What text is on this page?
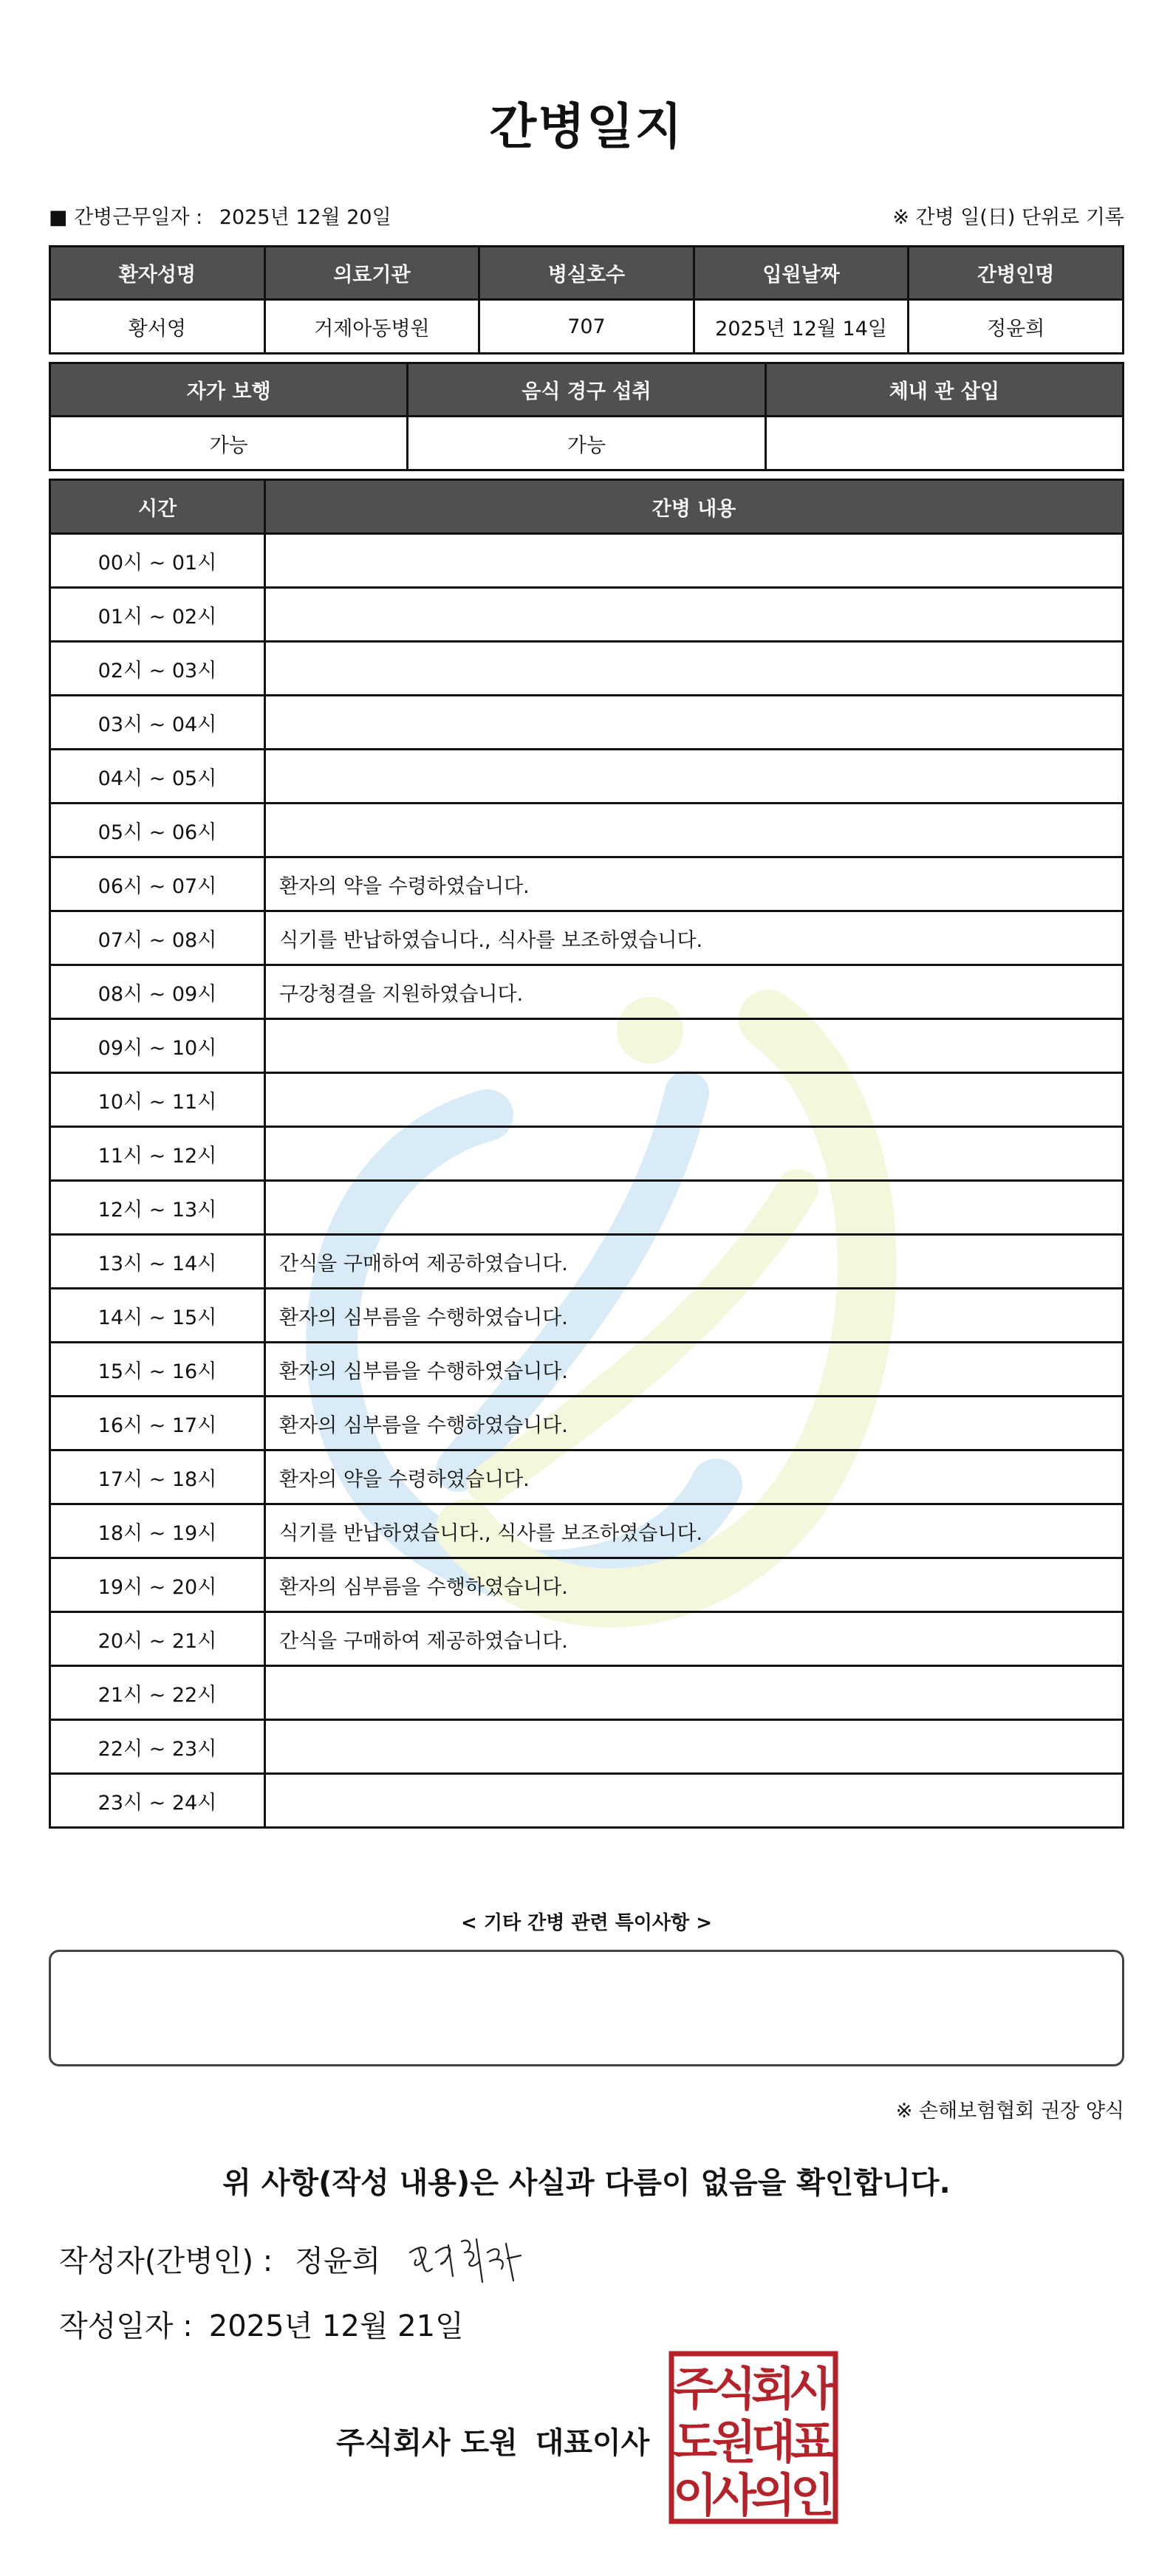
간병일지
■ 간병근무일자 : 2025년 12월 20일	※ 간병 일(日) 단위로 기록
환자성명	의료기관	병실호수	입원날짜	간병인명
황서영	거제아동병원	707	2025년 12월 14일	정윤희
자가 보행	음식 경구 섭취	체내 관 삽입
가능	가능	
시간	간병 내용
00시 ~ 01시	
01시 ~ 02시	
02시 ~ 03시	
03시 ~ 04시	
04시 ~ 05시	
05시 ~ 06시	
06시 ~ 07시	환자의 약을 수령하였습니다.
07시 ~ 08시	식기를 반납하였습니다., 식사를 보조하였습니다.
08시 ~ 09시	구강청결을 지원하였습니다.
09시 ~ 10시	
10시 ~ 11시	
11시 ~ 12시	
12시 ~ 13시	
13시 ~ 14시	간식을 구매하여 제공하였습니다.
14시 ~ 15시	환자의 심부름을 수행하였습니다.
15시 ~ 16시	환자의 심부름을 수행하였습니다.
16시 ~ 17시	환자의 심부름을 수행하였습니다.
17시 ~ 18시	환자의 약을 수령하였습니다.
18시 ~ 19시	식기를 반납하였습니다., 식사를 보조하였습니다.
19시 ~ 20시	환자의 심부름을 수행하였습니다.
20시 ~ 21시	간식을 구매하여 제공하였습니다.
21시 ~ 22시	
22시 ~ 23시	
23시 ~ 24시	
< 기타 간병 관련 특이사항 >
※ 손해보험협회 권장 양식
위 사항(작성 내용)은 사실과 다름이 없음을 확인합니다.
작성자(간병인) : 정윤희
작성일자 : 2025년 12월 21일
주식회사 도원 대표이사
주
식
회
사
도
원
대
표
이
사
의
인
